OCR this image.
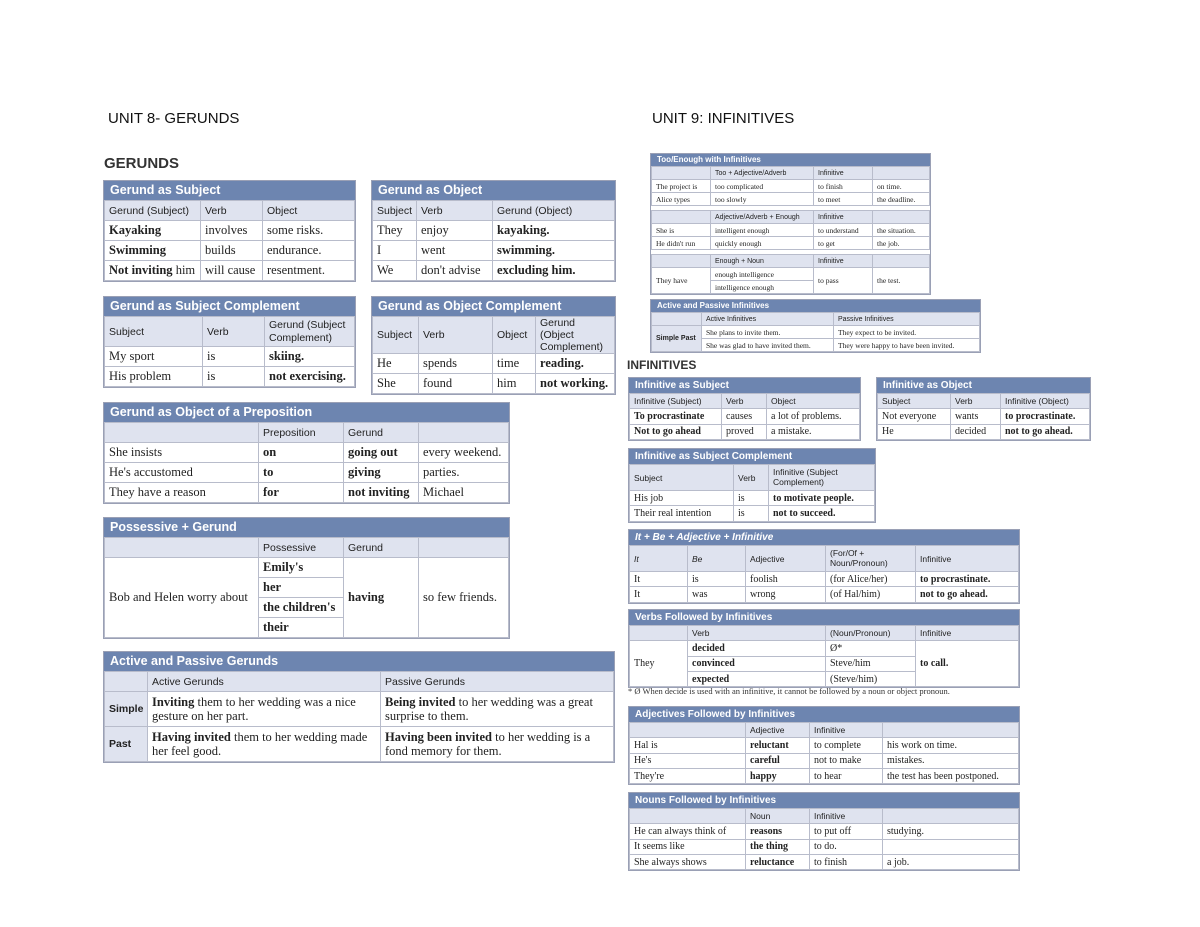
UNIT 8- GERUNDS	UNIT 9: INFINITIVES
GERUNDS
INFINITIVES
Gerund as Subject
Gerund (Subject)	Verb	Object
Kayaking	involves	some risks.
Swimming	builds	endurance.
Not inviting him	will cause	resentment.
Gerund as Object
Subject	Verb	Gerund (Object)
They	enjoy	kayaking.
I	went	swimming.
We	don't advise	excluding him.
Gerund as Subject Complement
Subject	Verb	Gerund (Subject Complement)
My sport	is	skiing.
His problem	is	not exercising.
Gerund as Object Complement
Subject	Verb	Object	Gerund (Object Complement)
He	spends	time	reading.
She	found	him	not working.
Gerund as Object of a Preposition
	Preposition	Gerund	
She insists	on	going out	every weekend.
He's accustomed	to	giving	parties.
They have a reason	for	not inviting	Michael
Possessive + Gerund
	Possessive	Gerund	
Bob and Helen worry about	Emily's	having	so few friends.
	her		
	the children's		
	their		
Active and Passive Gerunds
	Active Gerunds	Passive Gerunds
Simple	Inviting them to her wedding was a nice gesture on her part.	Being invited to her wedding was a great surprise to them.
Past	Having invited them to her wedding made her feel good.	Having been invited to her wedding is a fond memory for them.
Too/Enough with Infinitives
	Too + Adjective/Adverb	Infinitive	
The project is	too complicated	to finish	on time.
Alice types	too slowly	to meet	the deadline.

	Adjective/Adverb + Enough	Infinitive	
She is	intelligent enough	to understand	the situation.
He didn't run	quickly enough	to get	the job.

	Enough + Noun	Infinitive	
They have	enough intelligence	to pass	the test.
	intelligence enough		
Active and Passive Infinitives
	Active Infinitives	Passive Infinitives
Simple Past	She plans to invite them.	They expect to be invited.
	She was glad to have invited them.	They were happy to have been invited.
Infinitive as Subject
Infinitive (Subject)	Verb	Object
To procrastinate	causes	a lot of problems.
Not to go ahead	proved	a mistake.
Infinitive as Object
Subject	Verb	Infinitive (Object)
Not everyone	wants	to procrastinate.
He	decided	not to go ahead.
Infinitive as Subject Complement
Subject	Verb	Infinitive (Subject Complement)
His job	is	to motivate people.
Their real intention	is	not to succeed.
It + Be + Adjective + Infinitive
It	Be	Adjective	(For/Of + Noun/Pronoun)	Infinitive
It	is	foolish	(for Alice/her)	to procrastinate.
It	was	wrong	(of Hal/him)	not to go ahead.
Verbs Followed by Infinitives
	Verb	(Noun/Pronoun)	Infinitive
They	decided	Ø*	to call.
	convinced	Steve/him	
	expected	(Steve/him)	
* Ø When decide is used with an infinitive, it cannot be followed by a noun or object pronoun.
Adjectives Followed by Infinitives
	Adjective	Infinitive	
Hal is	reluctant	to complete	his work on time.
He's	careful	not to make	mistakes.
They're	happy	to hear	the test has been postponed.
Nouns Followed by Infinitives
	Noun	Infinitive	
He can always think of	reasons	to put off	studying.
It seems like	the thing	to do.	
She always shows	reluctance	to finish	a job.
